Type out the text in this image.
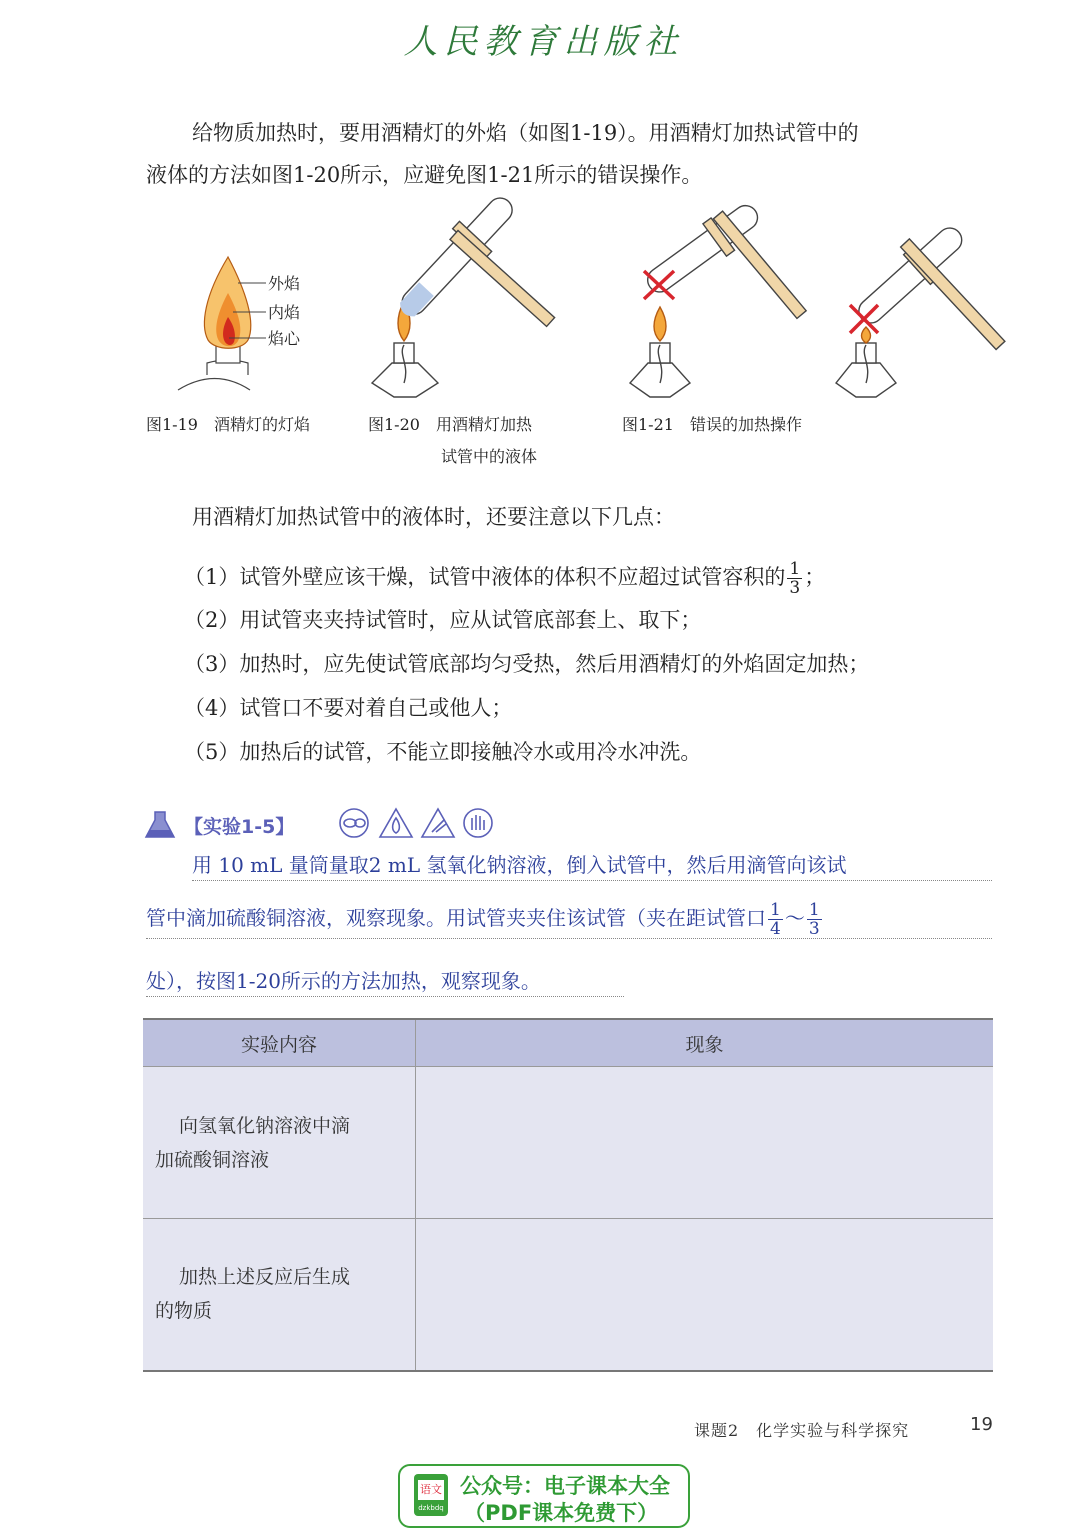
人民教育出版社
给物质加热时，要用酒精灯的外焰（如图1-19）。用酒精灯加热试管中的
液体的方法如图1-20所示，应避免图1-21所示的错误操作。
外焰
内焰
焰心
图1-19　酒精灯的灯焰	图1-20　用酒精灯加热
试管中的液体
图1-21　错误的加热操作
用酒精灯加热试管中的液体时，还要注意以下几点：
（1）试管外壁应该干燥，试管中液体的体积不应超过试管容积的 $\frac{1}{3}$ ；
（2）用试管夹夹持试管时，应从试管底部套上、取下；
（3）加热时，应先使试管底部均匀受热，然后用酒精灯的外焰固定加热；
（4）试管口不要对着自己或他人；
（5）加热后的试管，不能立即接触冷水或用冷水冲洗。
【实验1-5】
用 10 mL 量筒量取2 mL 氢氧化钠溶液，倒入试管中，然后用滴管向该试
管中滴加硫酸铜溶液，观察现象。用试管夹夹住该试管（夹在距试管口 $\frac{1}{4}$ ～ $\frac{1}{3}$
处），按图1-20所示的方法加热，观察现象。
实验内容	现象

向氢氧化钠溶液中滴
加硫酸铜溶液	

加热上述反应后生成
的物质	

课题2　化学实验与科学探究	19
语文
dzkbdq
公众号：电子课本大全
（PDF课本免费下）
